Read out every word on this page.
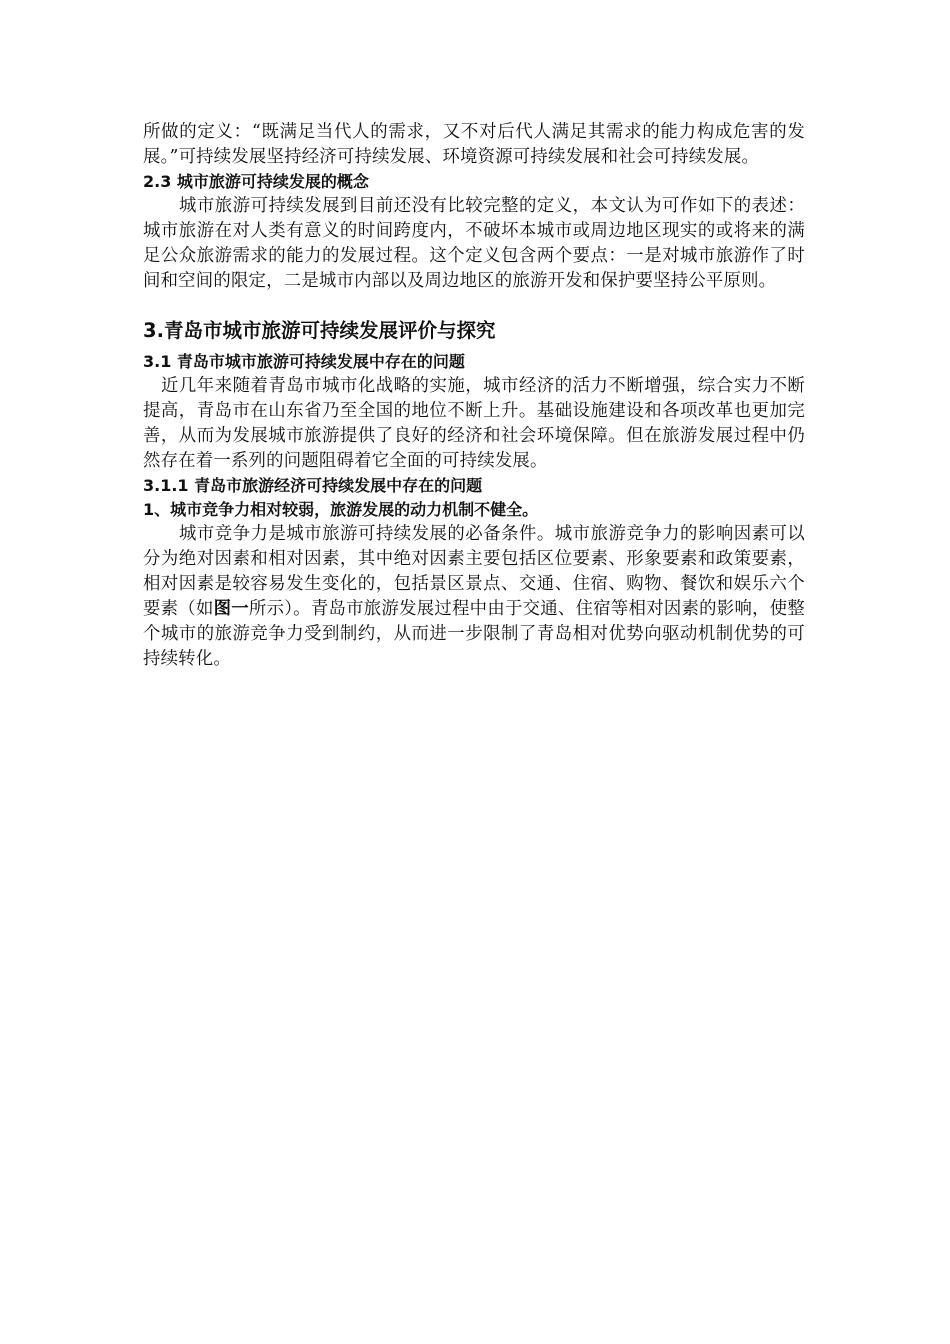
所做的定义：“既满足当代人的需求，又不对后代人满足其需求的能力构成危害的发展。”可持续发展坚持经济可持续发展、环境资源可持续发展和社会可持续发展。

2.3 城市旅游可持续发展的概念

城市旅游可持续发展到目前还没有比较完整的定义，本文认为可作如下的表述：城市旅游在对人类有意义的时间跨度内，不破坏本城市或周边地区现实的或将来的满足公众旅游需求的能力的发展过程。这个定义包含两个要点：一是对城市旅游作了时间和空间的限定，二是城市内部以及周边地区的旅游开发和保护要坚持公平原则。

3.青岛市城市旅游可持续发展评价与探究
3.1 青岛市城市旅游可持续发展中存在的问题

近几年来随着青岛市城市化战略的实施，城市经济的活力不断增强，综合实力不断提高，青岛市在山东省乃至全国的地位不断上升。基础设施建设和各项改革也更加完善，从而为发展城市旅游提供了良好的经济和社会环境保障。但在旅游发展过程中仍然存在着一系列的问题阻碍着它全面的可持续发展。

3.1.1 青岛市旅游经济可持续发展中存在的问题
1、城市竞争力相对较弱，旅游发展的动力机制不健全。

城市竞争力是城市旅游可持续发展的必备条件。城市旅游竞争力的影响因素可以分为绝对因素和相对因素，其中绝对因素主要包括区位要素、形象要素和政策要素，相对因素是较容易发生变化的，包括景区景点、交通、住宿、购物、餐饮和娱乐六个要素（如图一所示）。青岛市旅游发展过程中由于交通、住宿等相对因素的影响，使整个城市的旅游竞争力受到制约，从而进一步限制了青岛相对优势向驱动机制优势的可持续转化。
